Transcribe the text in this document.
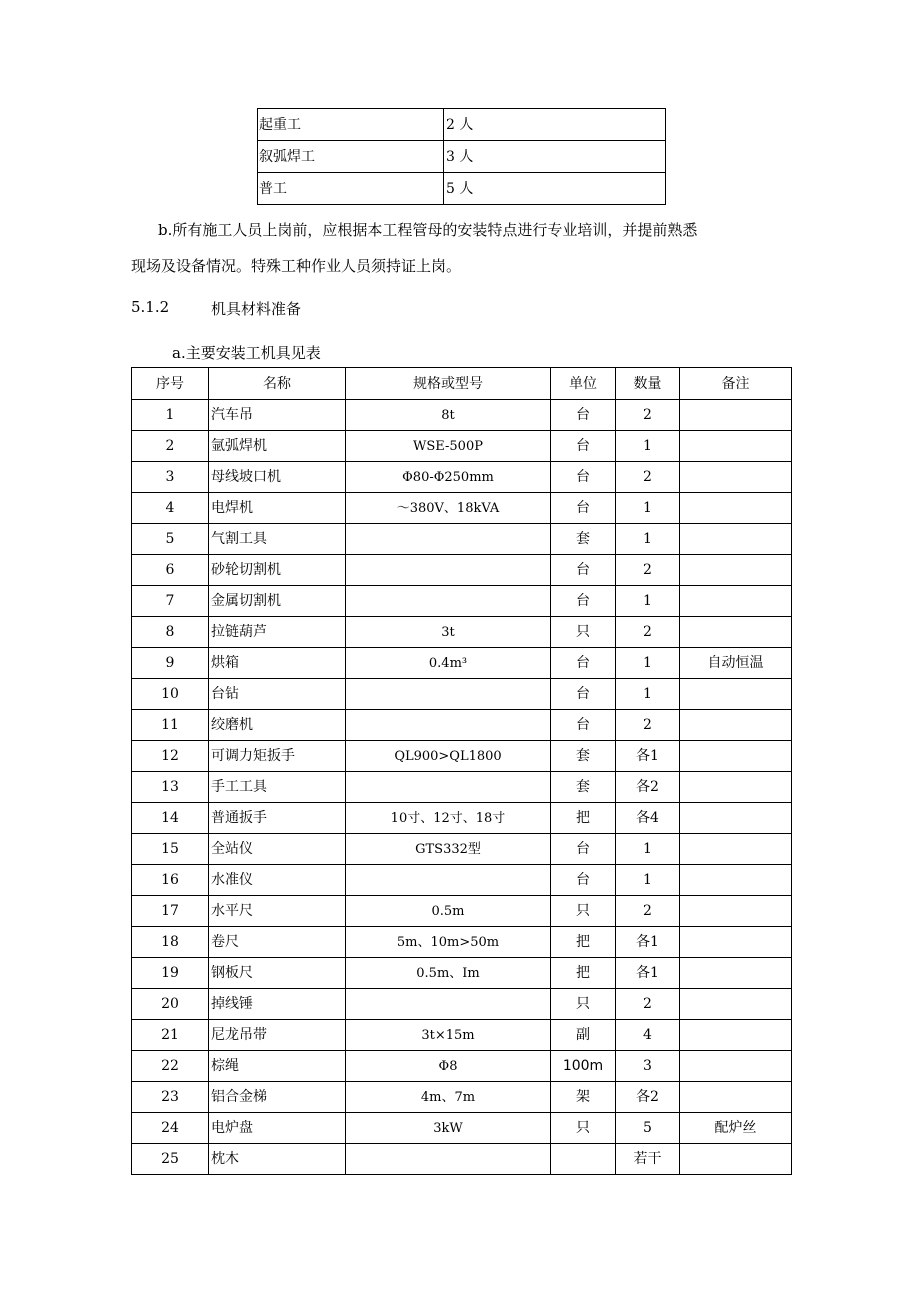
起重工	2 人
叙弧焊工	3 人
普工	5 人
b.所有施工人员上岗前，应根据本工程管母的安装特点进行专业培训，并提前熟悉
现场及设备情况。特殊工种作业人员须持证上岗。
5.1.2	机具材料准备
a.主要安装工机具见表
序号	名称	规格或型号	单位	数量	备注
1	汽车吊	8t	台	2	
2	氩弧焊机	WSE-500P	台	1	
3	母线坡口机	Φ80-Φ250mm	台	2	
4	电焊机	～380V、18kVA	台	1	
5	气割工具		套	1	
6	砂轮切割机		台	2	
7	金属切割机		台	1	
8	拉链葫芦	3t	只	2	
9	烘箱	0.4m³	台	1	自动恒温
10	台钻		台	1	
11	绞磨机		台	2	
12	可调力矩扳手	QL900>QL1800	套	各1	
13	手工工具		套	各2	
14	普通扳手	10寸、12寸、18寸	把	各4	
15	全站仪	GTS332型	台	1	
16	水准仪		台	1	
17	水平尺	0.5m	只	2	
18	卷尺	5m、10m>50m	把	各1	
19	钢板尺	0.5m、Im	把	各1	
20	掉线锤		只	2	
21	尼龙吊带	3t×15m	副	4	
22	棕绳	Φ8	100m	3	
23	铝合金梯	4m、7m	架	各2	
24	电炉盘	3kW	只	5	配炉丝
25	枕木			若干	
